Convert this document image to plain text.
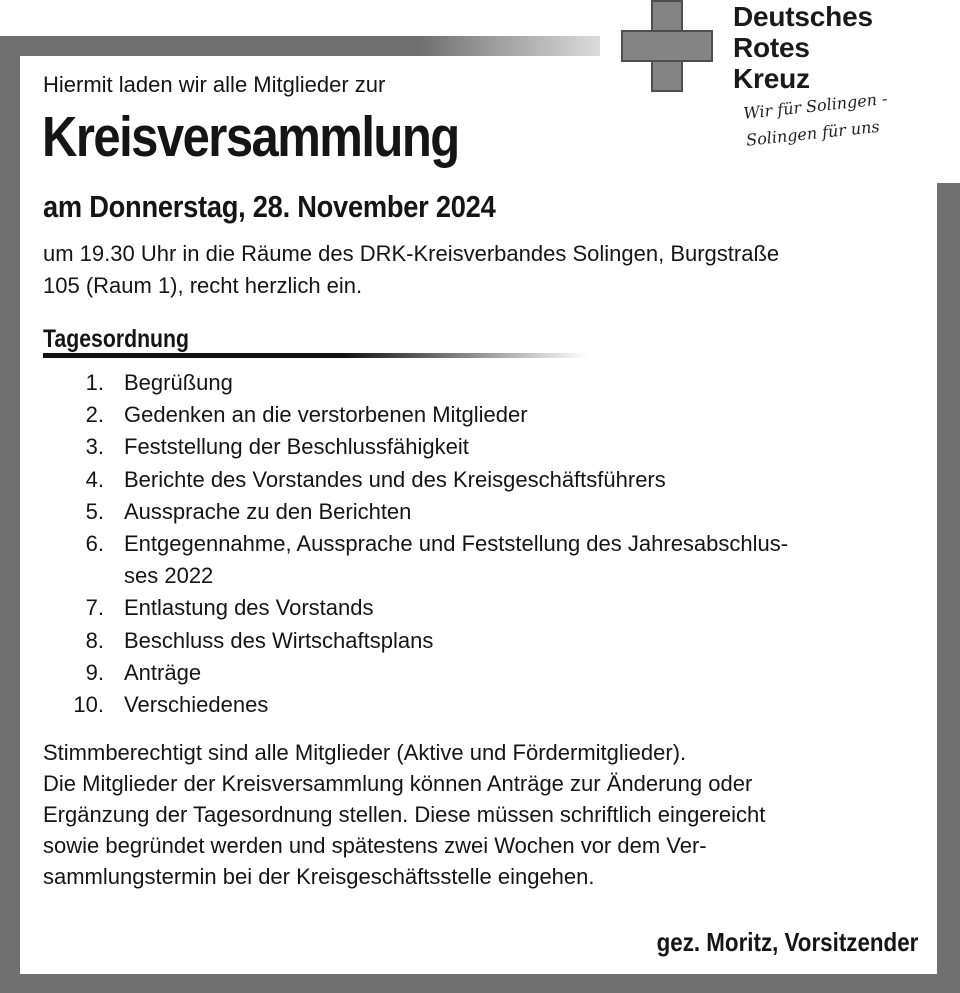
Deutsches
Rotes
Kreuz
Wir für Solingen -
Solingen für uns
Hiermit laden wir alle Mitglieder zur
Kreisversammlung
am Donnerstag, 28. November 2024
um 19.30 Uhr in die Räume des DRK-Kreisverbandes Solingen, Burgstraße
105 (Raum 1), recht herzlich ein.
Tagesordnung
1. Begrüßung
2. Gedenken an die verstorbenen Mitglieder
3. Feststellung der Beschlussfähigkeit
4. Berichte des Vorstandes und des Kreisgeschäftsführers
5. Aussprache zu den Berichten
6. Entgegennahme, Aussprache und Feststellung des Jahresabschlus-
ses 2022
7. Entlastung des Vorstands
8. Beschluss des Wirtschaftsplans
9. Anträge
10. Verschiedenes
Stimmberechtigt sind alle Mitglieder (Aktive und Fördermitglieder).
Die Mitglieder der Kreisversammlung können Anträge zur Änderung oder
Ergänzung der Tagesordnung stellen. Diese müssen schriftlich eingereicht
sowie begründet werden und spätestens zwei Wochen vor dem Ver-
sammlungstermin bei der Kreisgeschäftsstelle eingehen.
gez. Moritz, Vorsitzender
